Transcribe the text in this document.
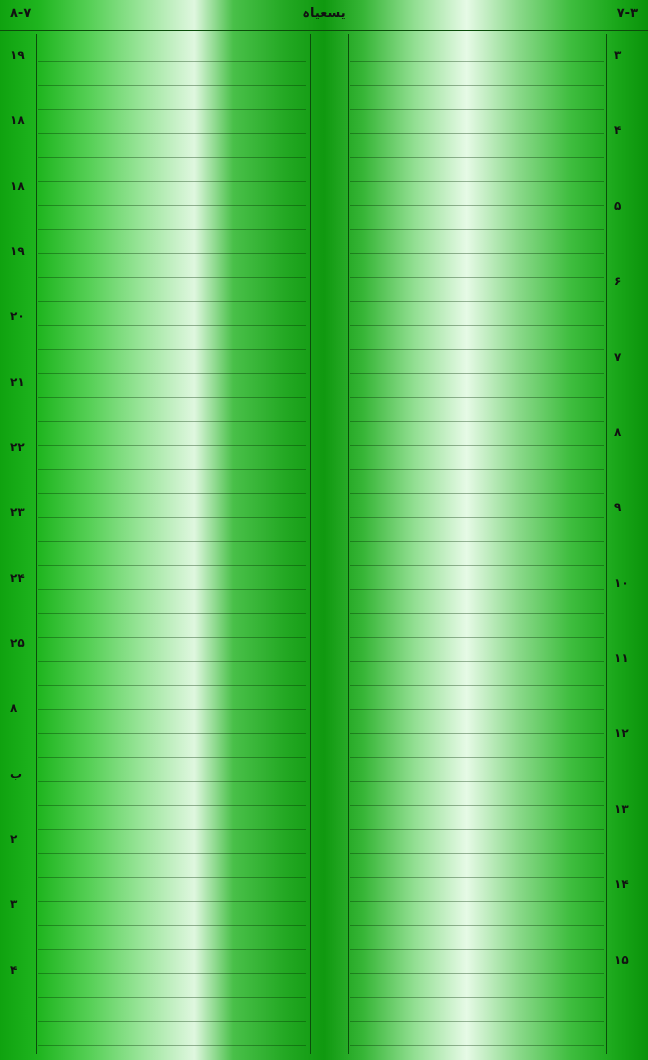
۸-۷	یسعیاہ	۷-۳
۱۹
۱۸
۱۸
۱۹
۲۰
۲۱
۲۲
۲۳
۲۴
۲۵
۸
ب
۲
۳
۴
۳
۴
۵
۶
۷
۸
۹
۱۰
۱۱
۱۲
۱۳
۱۴
۱۵
